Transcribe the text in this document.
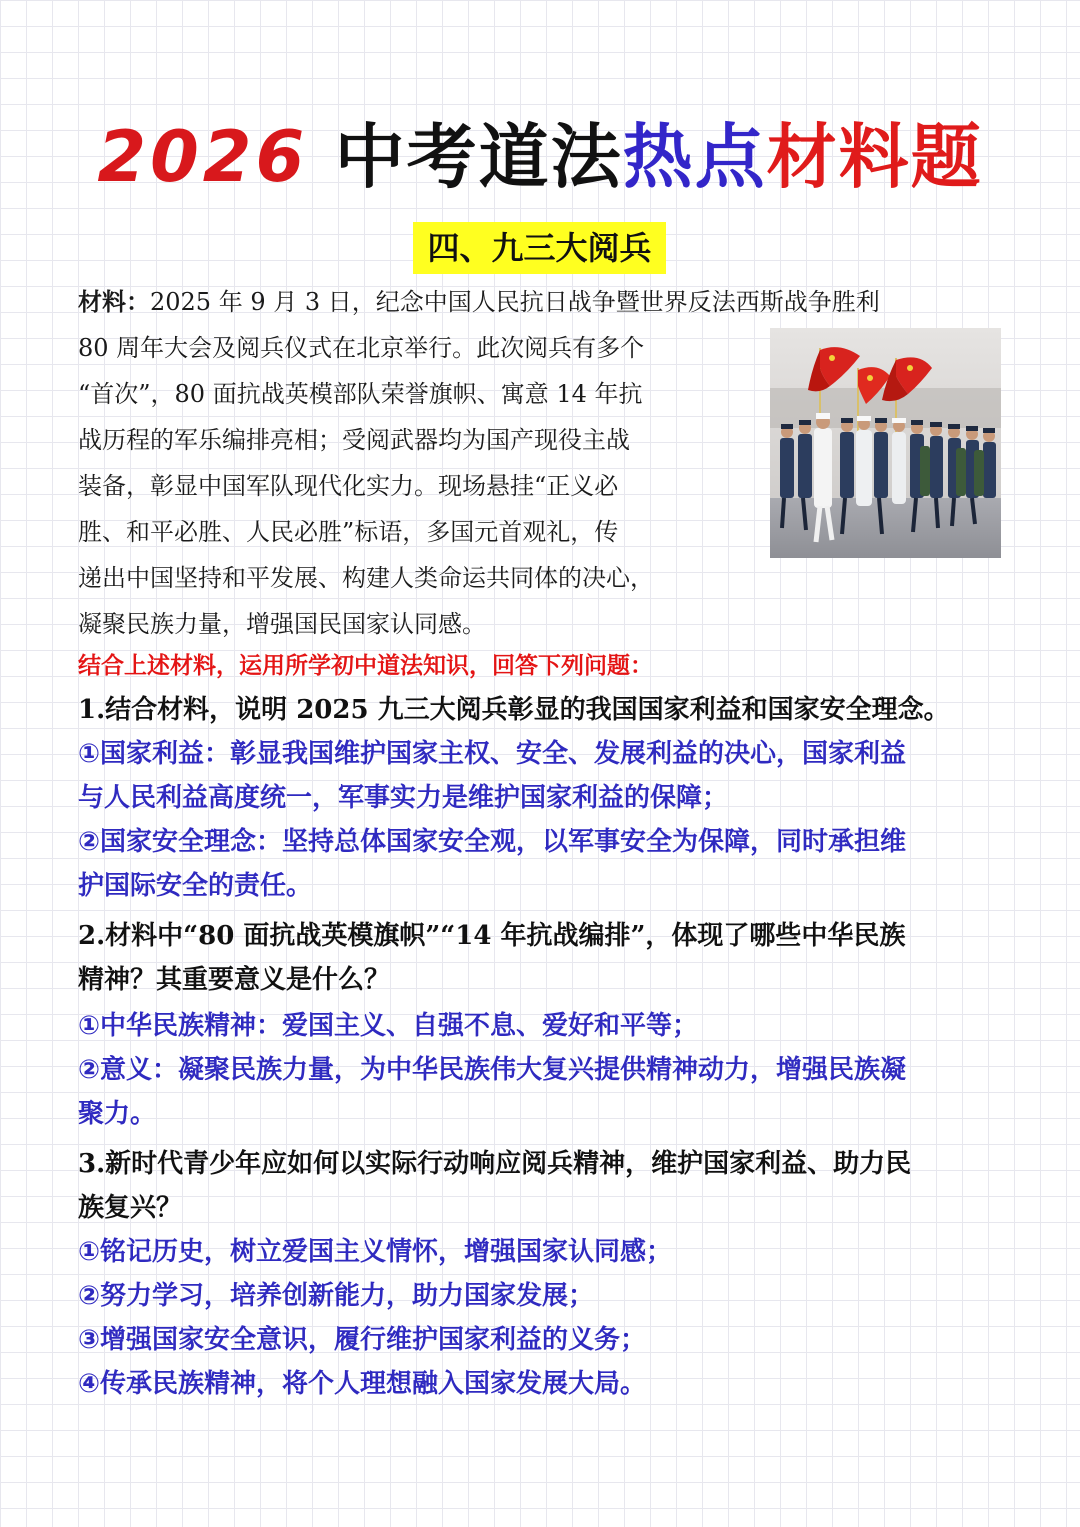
2026 中考道法热点材料题
四、九三大阅兵
材料：2025 年 9 月 3 日，纪念中国人民抗日战争暨世界反法西斯战争胜利
80 周年大会及阅兵仪式在北京举行。此次阅兵有多个
“首次”，80 面抗战英模部队荣誉旗帜、寓意 14 年抗
战历程的军乐编排亮相；受阅武器均为国产现役主战
装备，彰显中国军队现代化实力。现场悬挂“正义必
胜、和平必胜、人民必胜”标语，多国元首观礼，传
递出中国坚持和平发展、构建人类命运共同体的决心，
凝聚民族力量，增强国民国家认同感。
结合上述材料，运用所学初中道法知识，回答下列问题：
1.结合材料，说明 2025 九三大阅兵彰显的我国国家利益和国家安全理念。
①国家利益：彰显我国维护国家主权、安全、发展利益的决心，国家利益
与人民利益高度统一，军事实力是维护国家利益的保障；
②国家安全理念：坚持总体国家安全观，以军事安全为保障，同时承担维
护国际安全的责任。
2.材料中“80 面抗战英模旗帜”“14 年抗战编排”，体现了哪些中华民族
精神？其重要意义是什么？
①中华民族精神：爱国主义、自强不息、爱好和平等；
②意义：凝聚民族力量，为中华民族伟大复兴提供精神动力，增强民族凝
聚力。
3.新时代青少年应如何以实际行动响应阅兵精神，维护国家利益、助力民
族复兴？
①铭记历史，树立爱国主义情怀，增强国家认同感；
②努力学习，培养创新能力，助力国家发展；
③增强国家安全意识，履行维护国家利益的义务；
④传承民族精神，将个人理想融入国家发展大局。
